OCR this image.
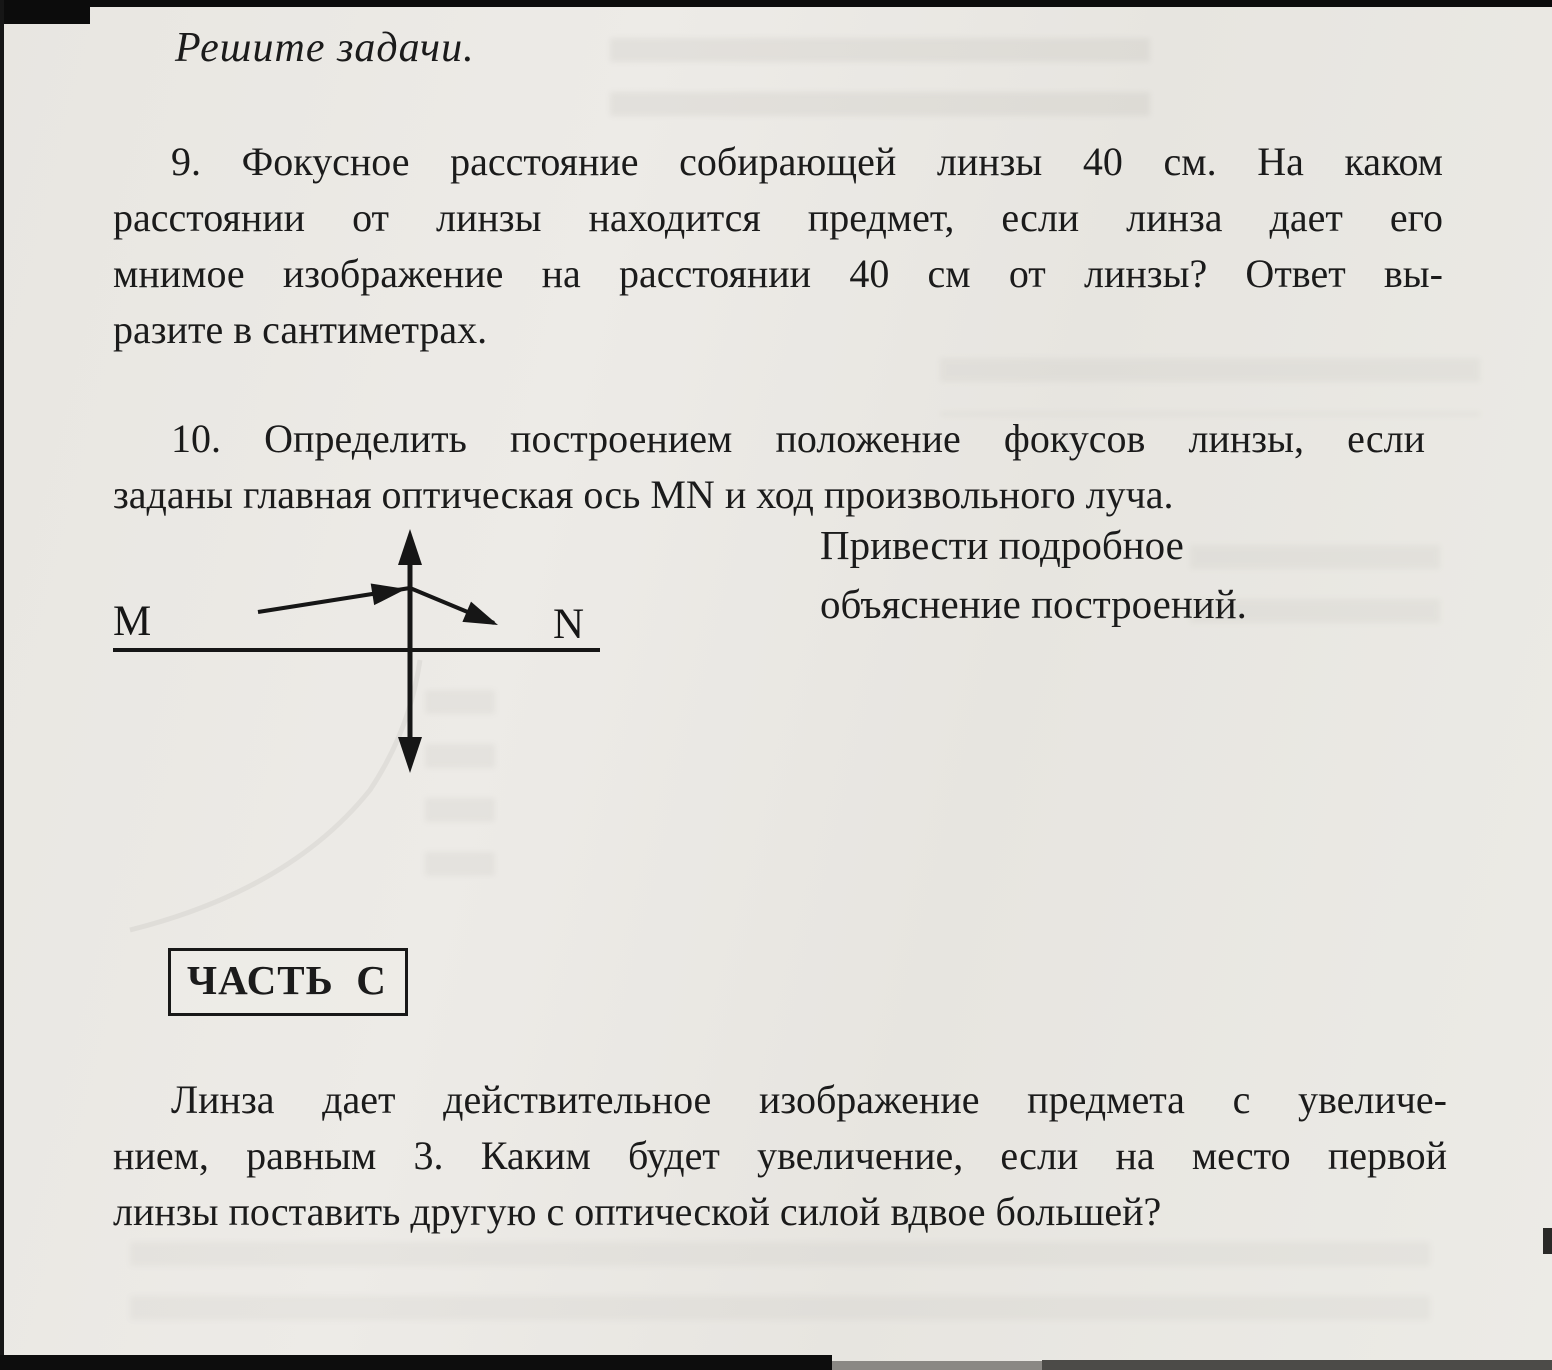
Решите задачи.
9. Фокусное расстояние собирающей линзы 40 см. На каком
расстоянии от линзы находится предмет, если линза дает его
мнимое изображение на расстоянии 40 см от линзы? Ответ вы-
разите в сантиметрах.
10. Определить построением положение фокусов линзы, если
заданы главная оптическая ось MN и ход произвольного луча.
M	N
Привести подробное
объяснение построений.
ЧАСТЬ  С
Линза дает действительное изображение предмета с увеличе-
нием, равным 3. Каким будет увеличение, если на место первой
линзы поставить другую с оптической силой вдвое большей?
